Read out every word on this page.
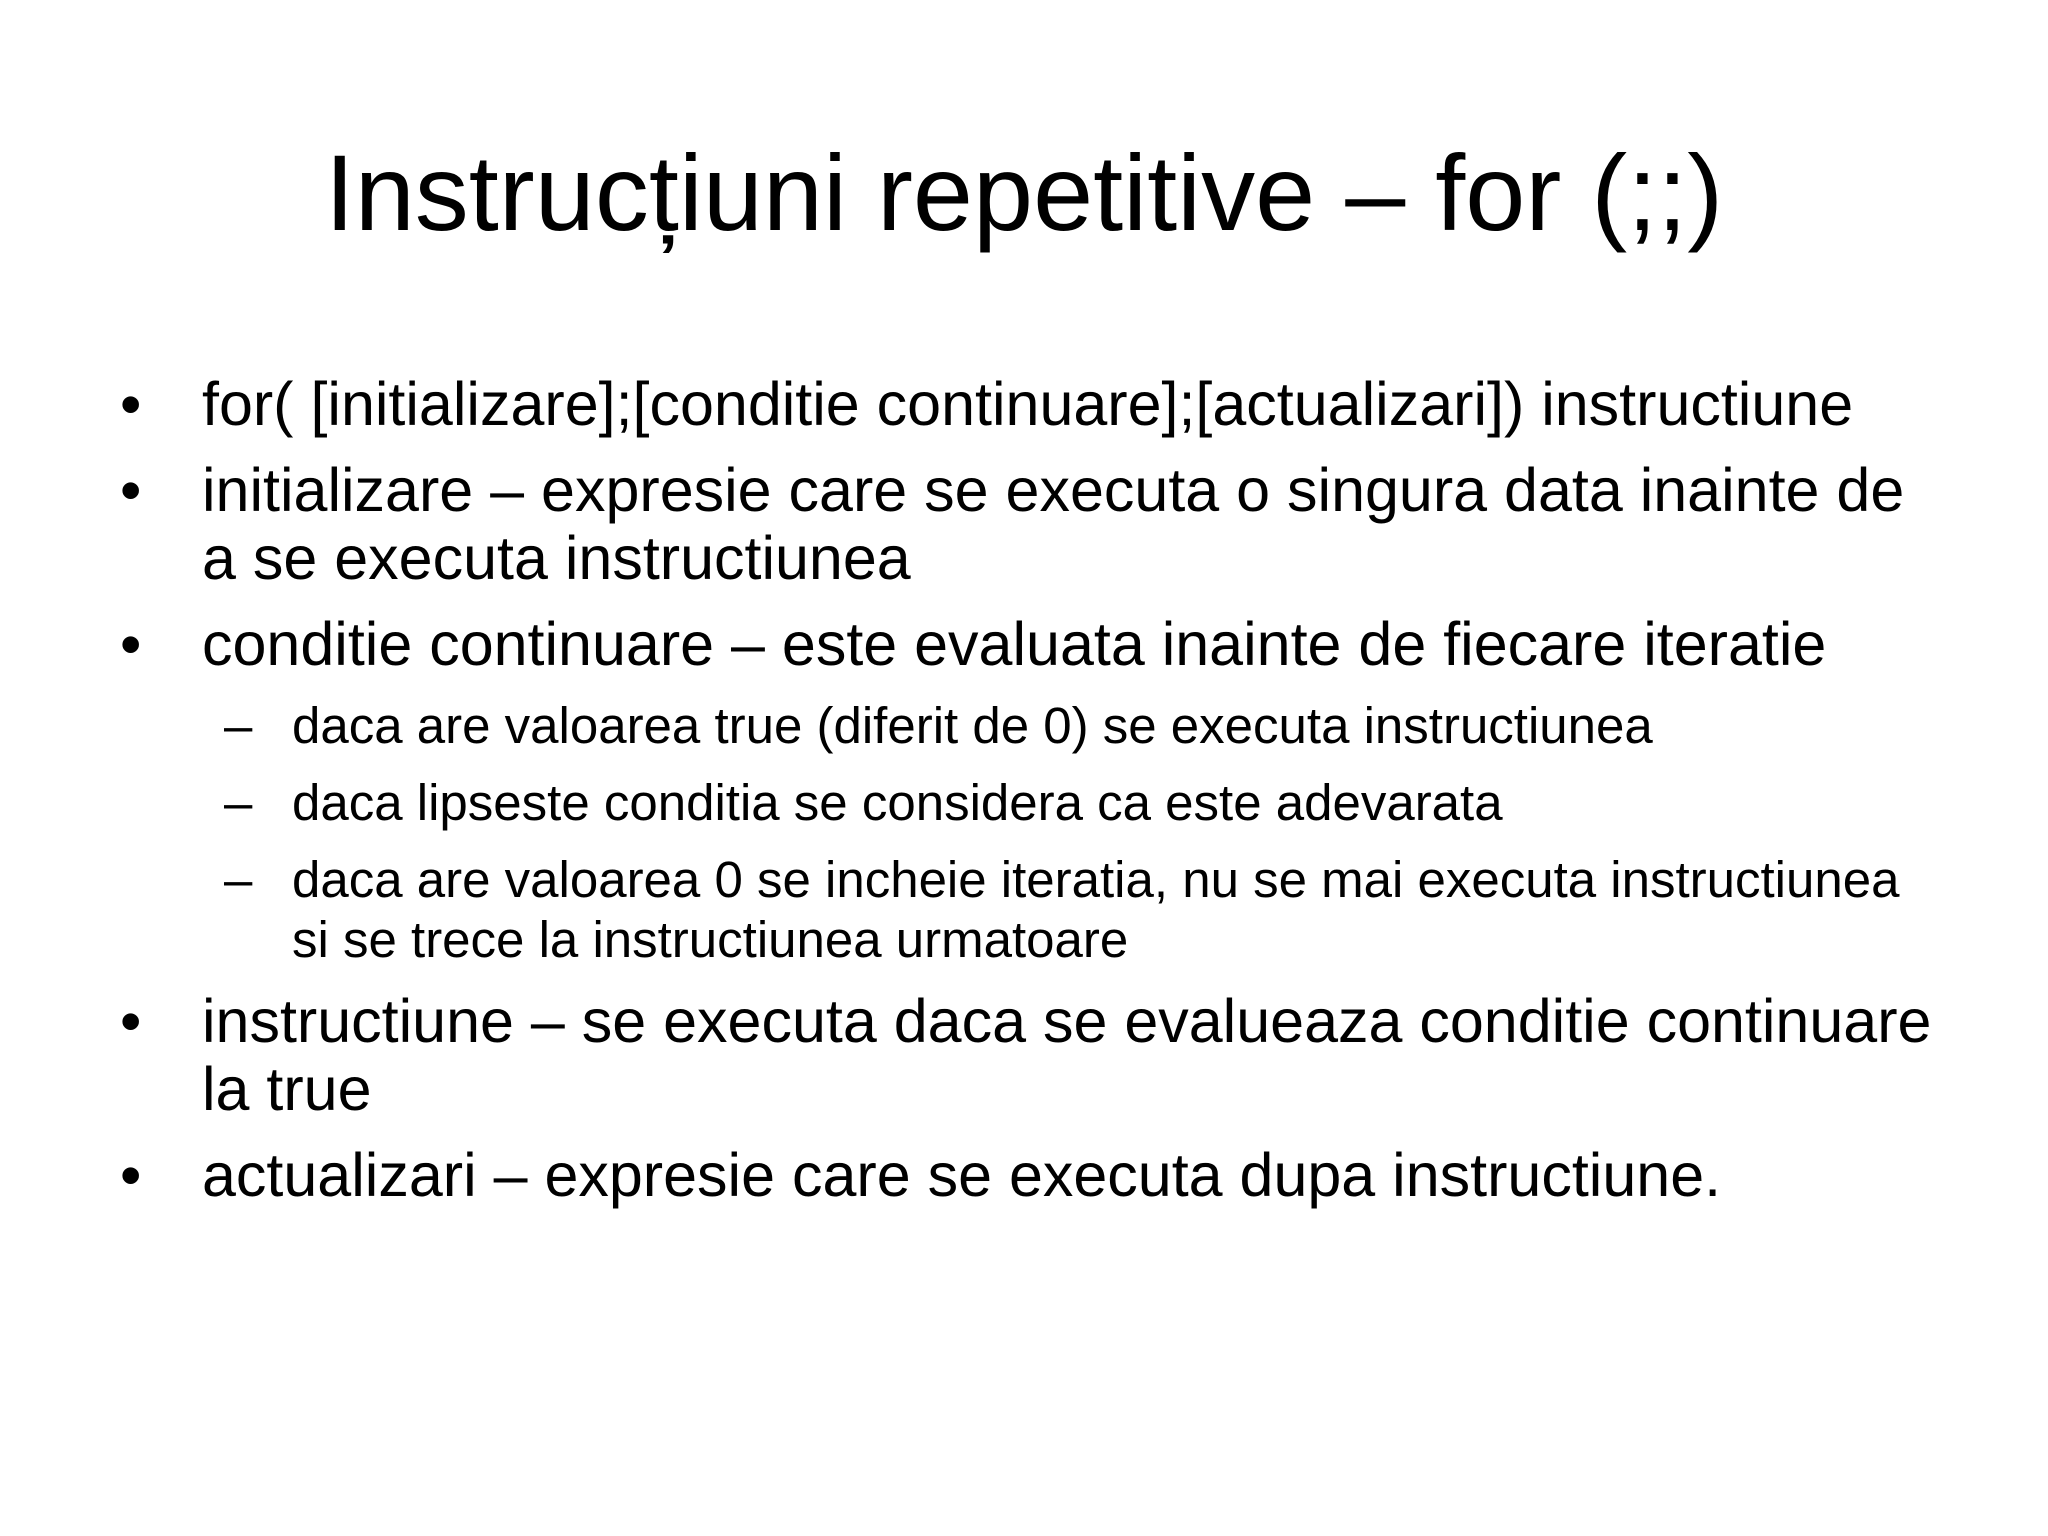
Instrucțiuni repetitive – for (;;)
• for( [initializare];[conditie continuare];[actualizari]) instructiune
• initializare – expresie care se executa o singura data inainte de a se executa instructiunea
• conditie continuare – este evaluata inainte de fiecare iteratie
– daca are valoarea true (diferit de 0) se executa instructiunea
– daca lipseste conditia se considera ca este adevarata
– daca are valoarea 0 se incheie iteratia, nu se mai executa instructiunea si se trece la instructiunea urmatoare
• instructiune – se executa daca se evalueaza conditie continuare la true
• actualizari – expresie care se executa dupa instructiune.
